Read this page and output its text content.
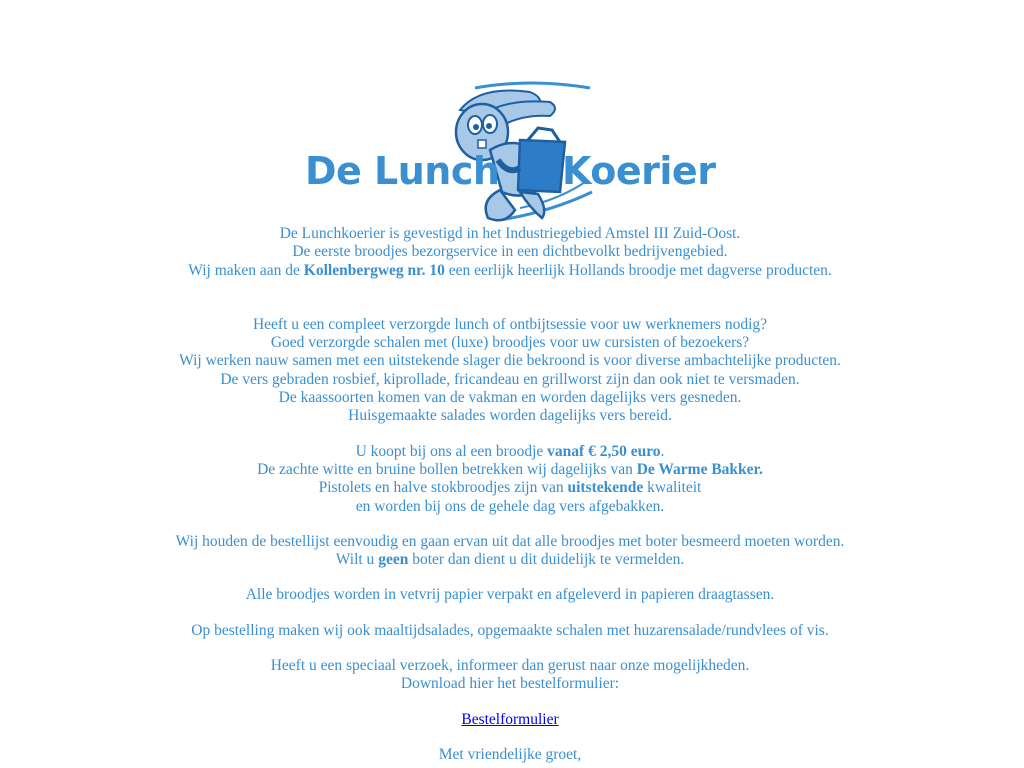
De Lunch Koerier

De Lunchkoerier is gevestigd in het Industriegebied Amstel III Zuid-Oost.

De eerste broodjes bezorgservice in een dichtbevolkt bedrijvengebied.

Wij maken aan de Kollenbergweg nr. 10 een eerlijk heerlijk Hollands broodje met dagverse producten.

Heeft u een compleet verzorgde lunch of ontbijtsessie voor uw werknemers nodig?

Goed verzorgde schalen met (luxe) broodjes voor uw cursisten of bezoekers?

Wij werken nauw samen met een uitstekende slager die bekroond is voor diverse ambachtelijke producten.

De vers gebraden rosbief, kiprollade, fricandeau en grillworst zijn dan ook niet te versmaden.

De kaassoorten komen van de vakman en worden dagelijks vers gesneden.

Huisgemaakte salades worden dagelijks vers bereid.

U koopt bij ons al een broodje vanaf € 2,50 euro.

De zachte witte en bruine bollen betrekken wij dagelijks van De Warme Bakker.

Pistolets en halve stokbroodjes zijn van uitstekende kwaliteit

en worden bij ons de gehele dag vers afgebakken.

Wij houden de bestellijst eenvoudig en gaan ervan uit dat alle broodjes met boter besmeerd moeten worden.

Wilt u geen boter dan dient u dit duidelijk te vermelden.

Alle broodjes worden in vetvrij papier verpakt en afgeleverd in papieren draagtassen.

Op bestelling maken wij ook maaltijdsalades, opgemaakte schalen met huzarensalade/rundvlees of vis.

Heeft u een speciaal verzoek, informeer dan gerust naar onze mogelijkheden.

Download hier het bestelformulier:

Bestelformulier

Met vriendelijke groet,
